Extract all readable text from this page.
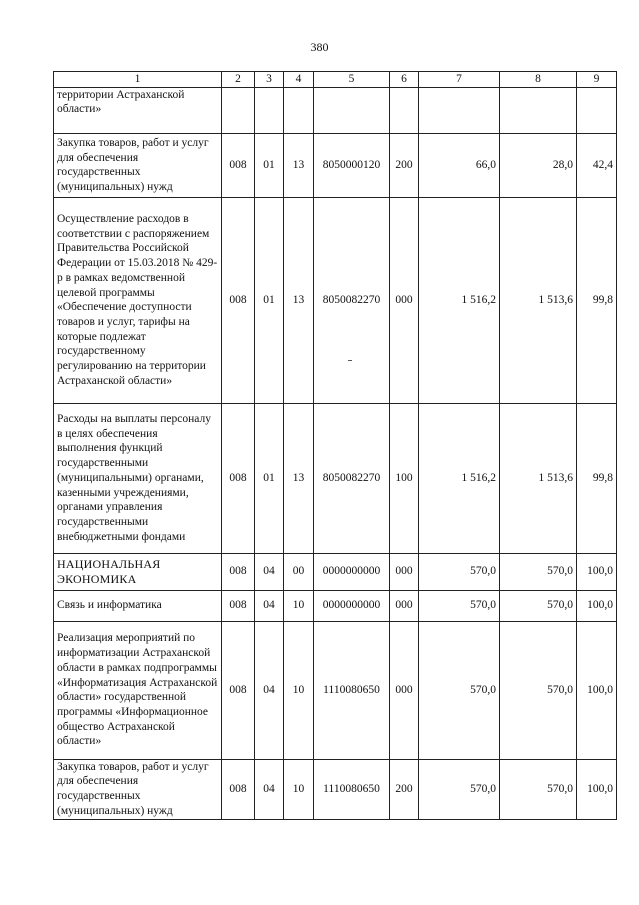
380
1	2	3	4	5	6	7	8	9
территории Астраханской области»								
Закупка товаров, работ и услуг для обеспечения государственных (муниципальных) нужд	008	01	13	8050000120	200	66,0	28,0	42,4
Осуществление расходов в соответствии с распоряжением Правительства Российской Федерации от 15.03.2018 № 429-р в рамках ведомственной целевой программы «Обеспечение доступности товаров и услуг, тарифы на которые подлежат государственному регулированию на территории Астраханской области»	008	01	13	8050082270	000	1 516,2	1 513,6	99,8
Расходы на выплаты персоналу в целях обеспечения выполнения функций государственными (муниципальными) органами, казенными учреждениями, органами управления государственными внебюджетными фондами	008	01	13	8050082270	100	1 516,2	1 513,6	99,8
НАЦИОНАЛЬНАЯ ЭКОНОМИКА	008	04	00	0000000000	000	570,0	570,0	100,0
Связь и информатика	008	04	10	0000000000	000	570,0	570,0	100,0
Реализация мероприятий по информатизации Астраханской области в рамках подпрограммы «Информатизация Астраханской области» государственной программы «Информационное общество Астраханской области»	008	04	10	1110080650	000	570,0	570,0	100,0
Закупка товаров, работ и услуг для обеспечения государственных (муниципальных) нужд	008	04	10	1110080650	200	570,0	570,0	100,0
